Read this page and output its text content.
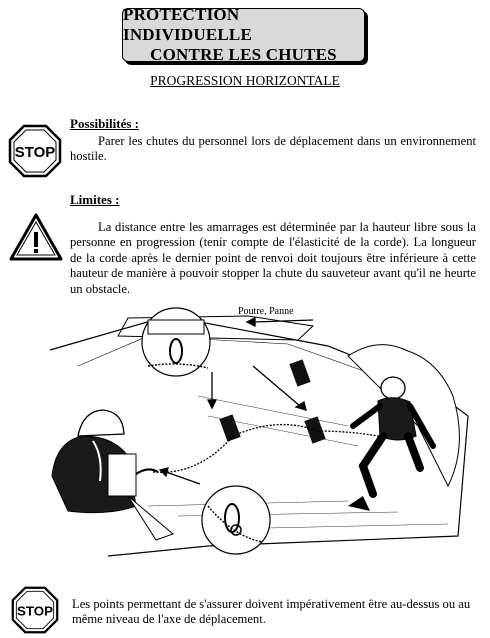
PROTECTION INDIVIDUELLE
CONTRE LES CHUTES
PROGRESSION HORIZONTALE
STOP
Possibilités :
Parer les chutes du personnel lors de déplacement dans un environnement hostile.
Limites :
La distance entre les amarrages est déterminée par la hauteur libre sous la personne en progression (tenir compte de l'élasticité de la corde). La longueur de la corde après le dernier point de renvoi doit toujours être inférieure à cette hauteur de manière à pouvoir stopper la chute du sauveteur avant qu'il ne heurte un obstacle.
Poutre, Panne
STOP Les points permettant de s'assurer doivent impérativement être au-dessus ou au même niveau de l'axe de déplacement.
